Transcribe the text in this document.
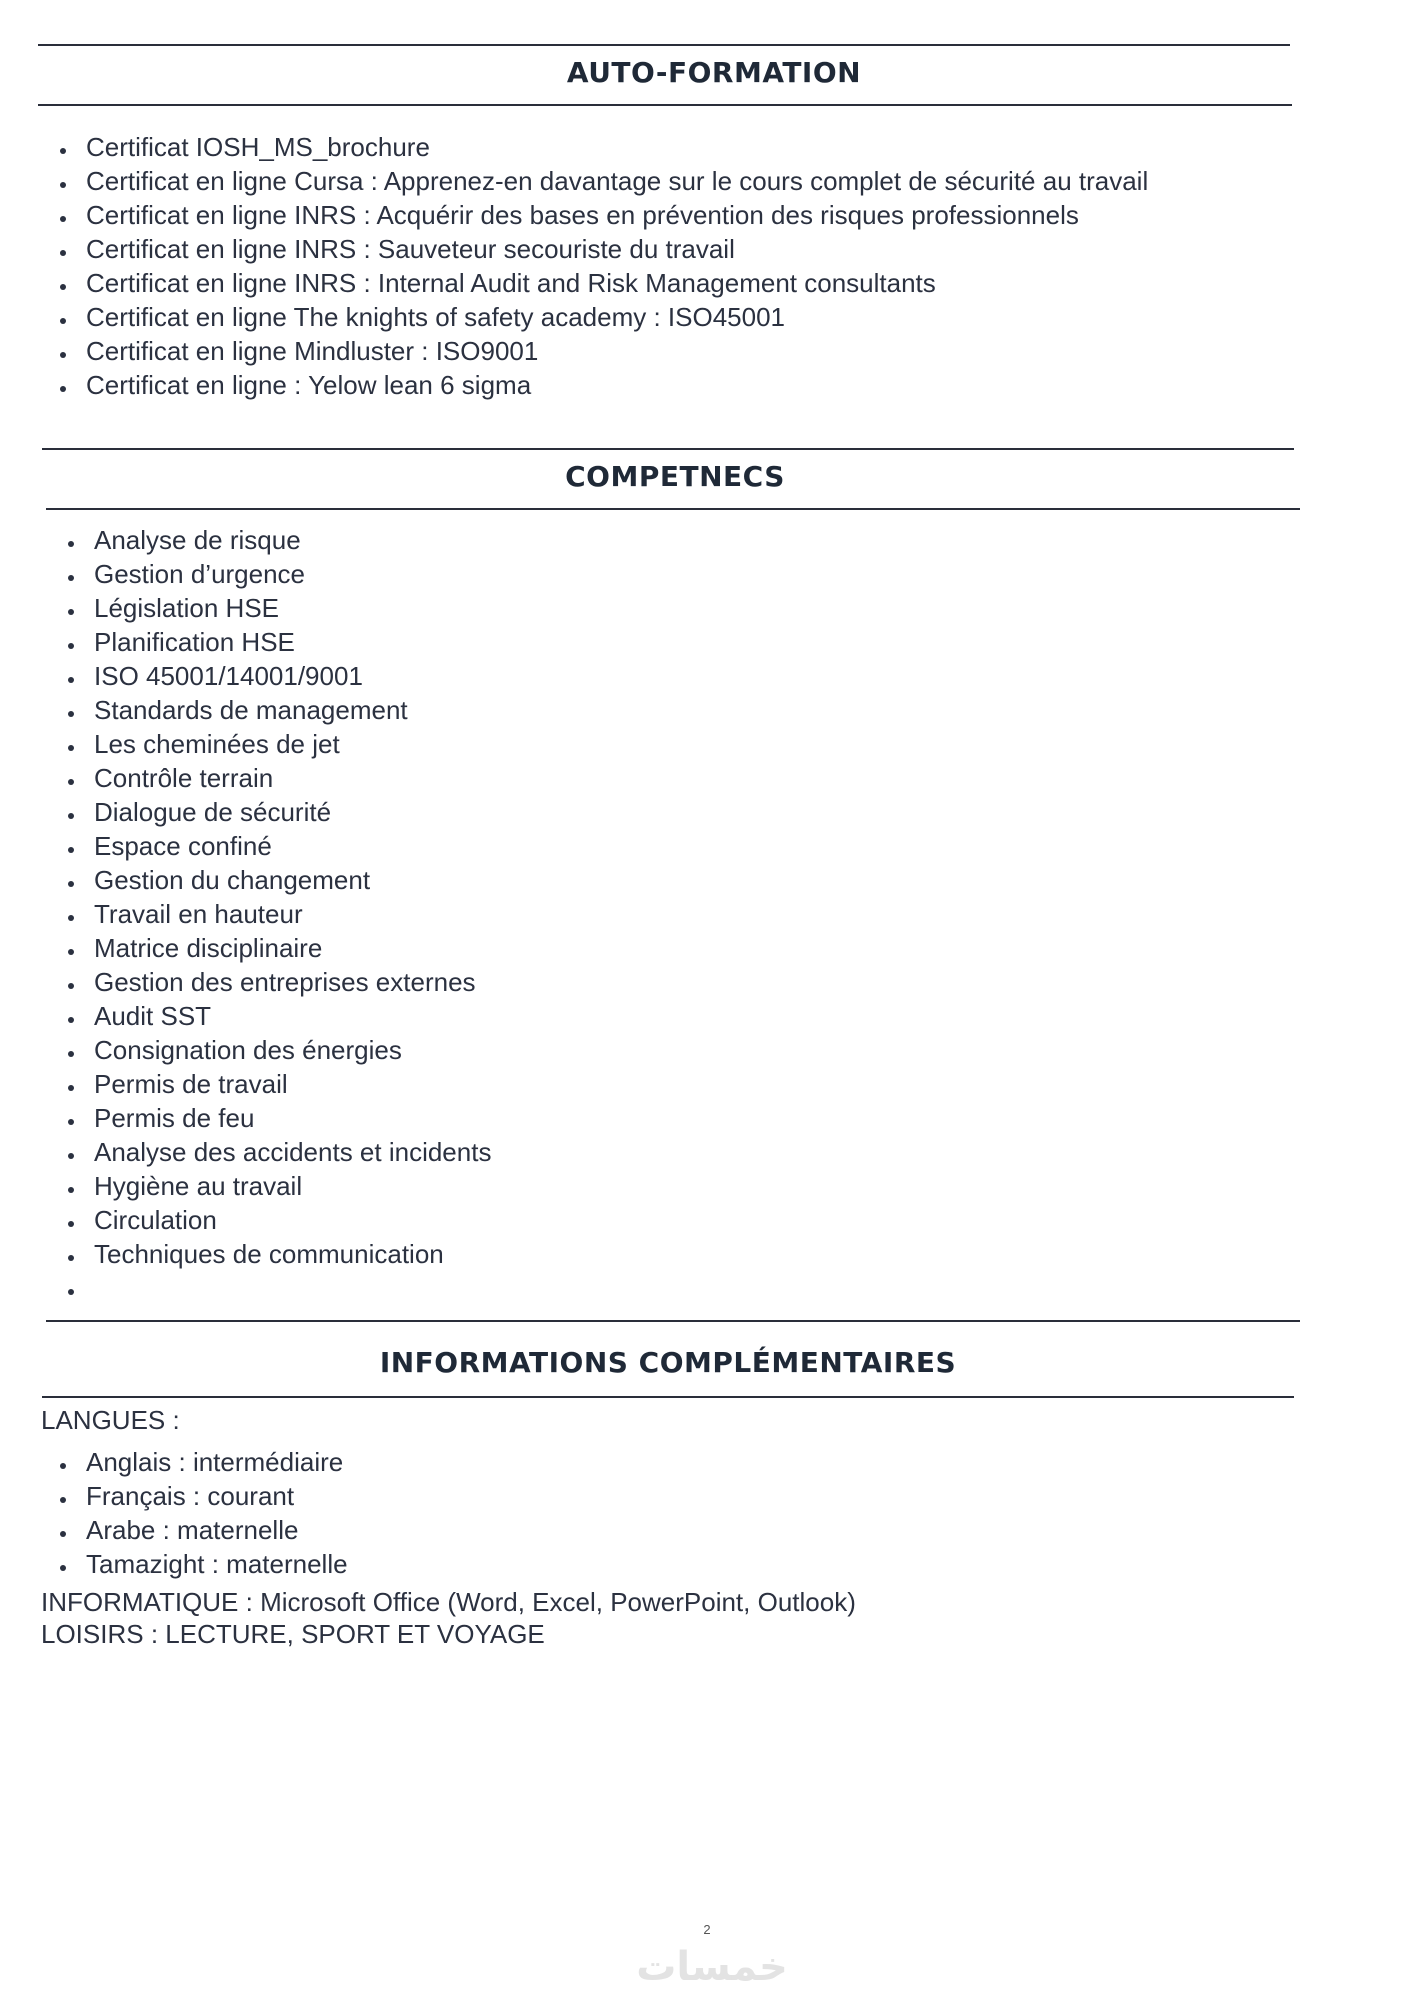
AUTO-FORMATION
Certificat IOSH_MS_brochure
Certificat en ligne Cursa : Apprenez-en davantage sur le cours complet de sécurité au travail
Certificat en ligne INRS : Acquérir des bases en prévention des risques professionnels
Certificat en ligne INRS : Sauveteur secouriste du travail
Certificat en ligne INRS : Internal Audit and Risk Management consultants
Certificat en ligne The knights of safety academy : ISO45001
Certificat en ligne Mindluster : ISO9001
Certificat en ligne : Yelow lean 6 sigma
COMPETNECS
Analyse de risque
Gestion d’urgence
Législation HSE
Planification HSE
ISO 45001/14001/9001
Standards de management
Les cheminées de jet
Contrôle terrain
Dialogue de sécurité
Espace confiné
Gestion du changement
Travail en hauteur
Matrice disciplinaire
Gestion des entreprises externes
Audit SST
Consignation des énergies
Permis de travail
Permis de feu
Analyse des accidents et incidents
Hygiène au travail
Circulation
Techniques de communication
INFORMATIONS COMPLÉMENTAIRES
LANGUES :
Anglais : intermédiaire
Français : courant
Arabe : maternelle
Tamazight : maternelle
INFORMATIQUE : Microsoft Office (Word, Excel, PowerPoint, Outlook)
LOISIRS : LECTURE, SPORT ET VOYAGE
2
خمسات
